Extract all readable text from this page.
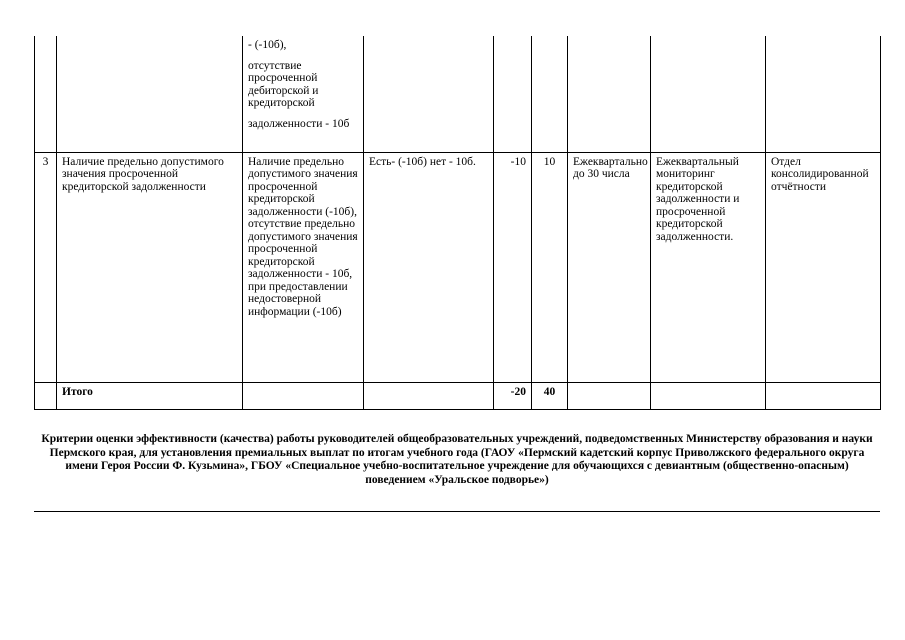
		- (-10б),

отсутствие просроченной дебиторской и кредиторской

задолженности - 10б						

3	Наличие предельно допустимого значения просроченной кредиторской задолженности	Наличие предельно допустимого значения просроченной кредиторской задолженности (-10б), отсутствие предельно допустимого значения просроченной кредиторской задолженности - 10б, при предоставлении недостоверной информации (-10б)	Есть- (-10б) нет - 10б.	-10	10	Ежеквартально до 30 числа	Ежеквартальный мониторинг кредиторской задолженности и просроченной кредиторской задолженности.	Отдел консолидированной отчётности
	Итого			-20	40			
Критерии оценки эффективности (качества) работы руководителей общеобразовательных учреждений, подведомственных Министерству образования и науки Пермского края, для установления премиальных выплат по итогам учебного года (ГАОУ «Пермский кадетский корпус Приволжского федерального округа имени Героя России Ф. Кузьмина», ГБОУ «Специальное учебно-воспитательное учреждение для обучающихся с девиантным (общественно-опасным) поведением «Уральское подворье»)
